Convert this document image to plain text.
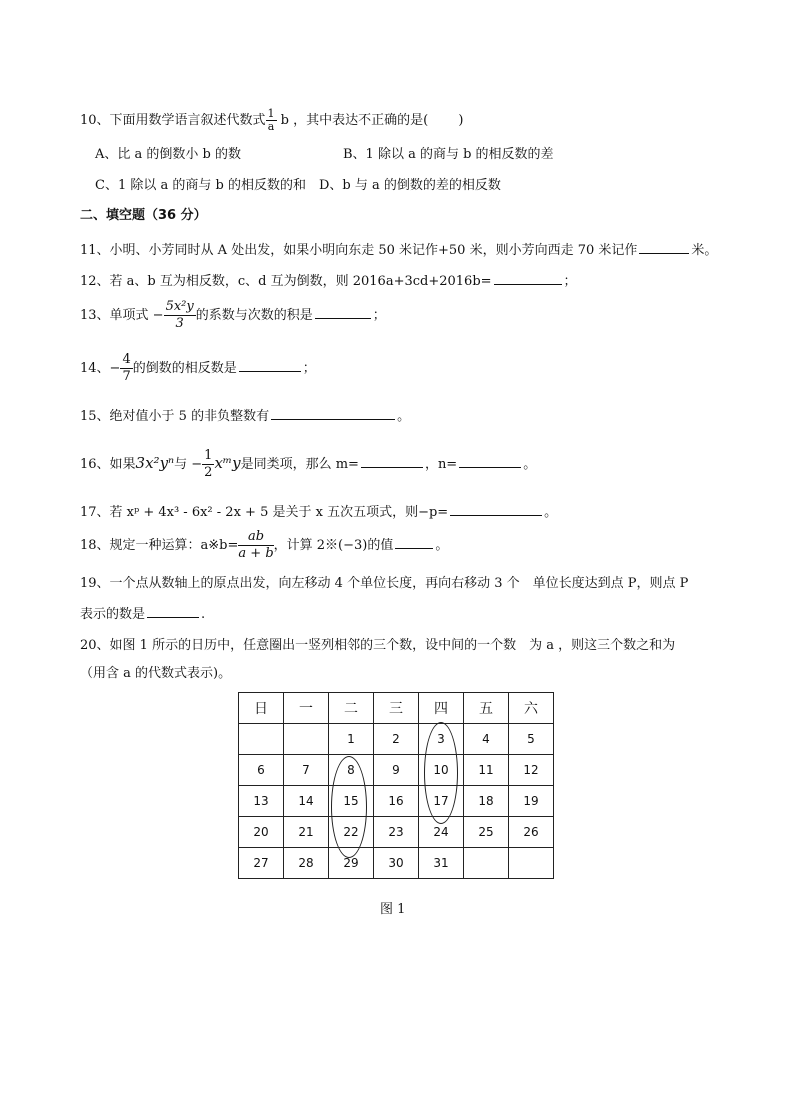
10、下面用数学语言叙述代数式 $\frac{1}{a}$ b ，其中表达不正确的是(　　 )
A、比 a 的倒数小 b 的数	B、1 除以 a 的商与 b 的相反数的差
C、1 除以 a 的商与 b 的相反数的和　D、b 与 a 的倒数的差的相反数
二、填空题（36 分）
11、小明、小芳同时从 A 处出发，如果小明向东走 50 米记作+50 米，则小芳向西走 70 米记作	米。
12、若 a、b 互为相反数，c、d 互为倒数，则 2016a+3cd+2016b=	；
13、单项式 − $\frac{\text{5x²y}}{3}$ 的系数与次数的积是	；
14、− $\frac{4}{7}$ 的倒数的相反数是	；
15、绝对值小于 5 的非负整数有	。
16、如果3x²yⁿ与 − $\frac{1}{2}$ xᵐy是同类项，那么 m=	，n=	。
17、若 xᵖ + 4x³ - 6x² - 2x + 5 是关于 x 五次五项式，则−p=	。
18、规定一种运算：a※b= $\frac{ab}{a + b}$ ，计算 2※(−3)的值	。
19、一个点从数轴上的原点出发，向左移动 4 个单位长度，再向右移动 3 个　单位长度达到点 P，则点 P
表示的数是	.
20、如图 1 所示的日历中，任意圈出一竖列相邻的三个数，设中间的一个数　为 a ，则这三个数之和为
（用含 a 的代数式表示)。
日	一	二	三	四	五	六
		1	2	3	4	5
6	7	8	9	10	11	12
13	14	15	16	17	18	19
20	21	22	23	24	25	26
27	28	29	30	31		
图 1
